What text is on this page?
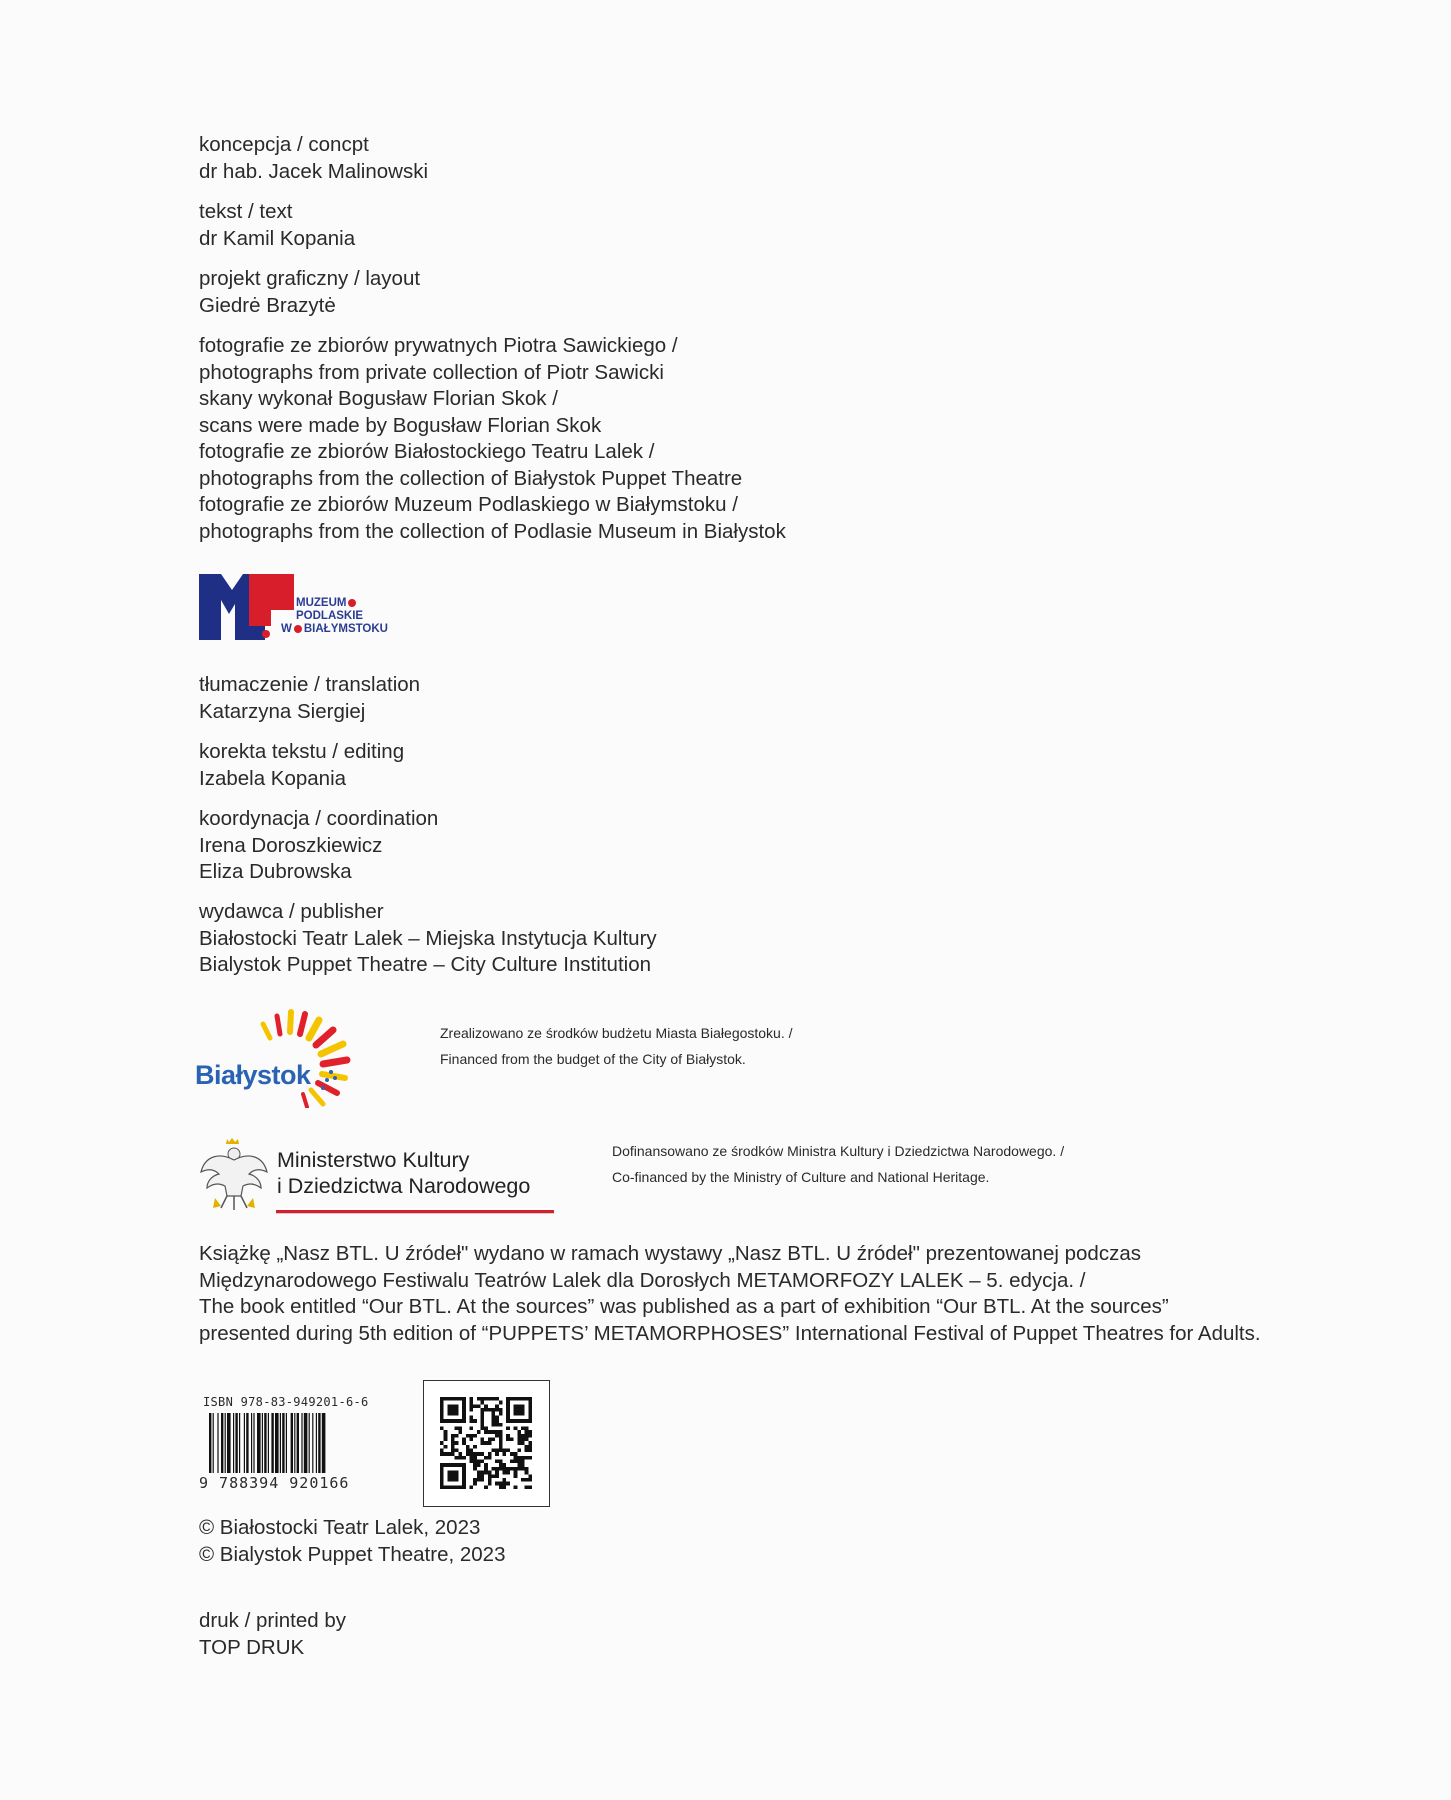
koncepcja / concpt

dr hab. Jacek Malinowski

tekst / text

dr Kamil Kopania

projekt graficzny / layout

Giedrė Brazytė

fotografie ze zbiorów prywatnych Piotra Sawickiego /

photographs from private collection of Piotr Sawicki

skany wykonał Bogusław Florian Skok /

scans were made by Bogusław Florian Skok

fotografie ze zbiorów Białostockiego Teatru Lalek /

photographs from the collection of Białystok Puppet Theatre

fotografie ze zbiorów Muzeum Podlaskiego w Białymstoku /

photographs from the collection of Podlasie Museum in Białystok

MUZEUM
PODLASKIE
W BIAŁYMSTOKU

tłumaczenie / translation

Katarzyna Siergiej

korekta tekstu / editing

Izabela Kopania

koordynacja / coordination

Irena Doroszkiewicz

Eliza Dubrowska

wydawca / publisher

Białostocki Teatr Lalek – Miejska Instytucja Kultury

Bialystok Puppet Theatre – City Culture Institution

Białystok
Zrealizowano ze środków budżetu Miasta Białegostoku. /
Financed from the budget of the City of Białystok.
Ministerstwo Kultury
i Dziedzictwa Narodowego
Dofinansowano ze środków Ministra Kultury i Dziedzictwa Narodowego. /
Co-financed by the Ministry of Culture and National Heritage.

Książkę „Nasz BTL. U źródeł" wydano w ramach wystawy „Nasz BTL. U źródeł" prezentowanej podczas

Międzynarodowego Festiwalu Teatrów Lalek dla Dorosłych METAMORFOZY LALEK – 5. edycja. /

The book entitled “Our BTL. At the sources” was published as a part of exhibition “Our BTL. At the sources”

presented during 5th edition of “PUPPETS’ METAMORPHOSES” International Festival of Puppet Theatres for Adults.

ISBN 978-83-949201-6-6
9 788394 920166

© Białostocki Teatr Lalek, 2023

© Bialystok Puppet Theatre, 2023

druk / printed by

TOP DRUK
